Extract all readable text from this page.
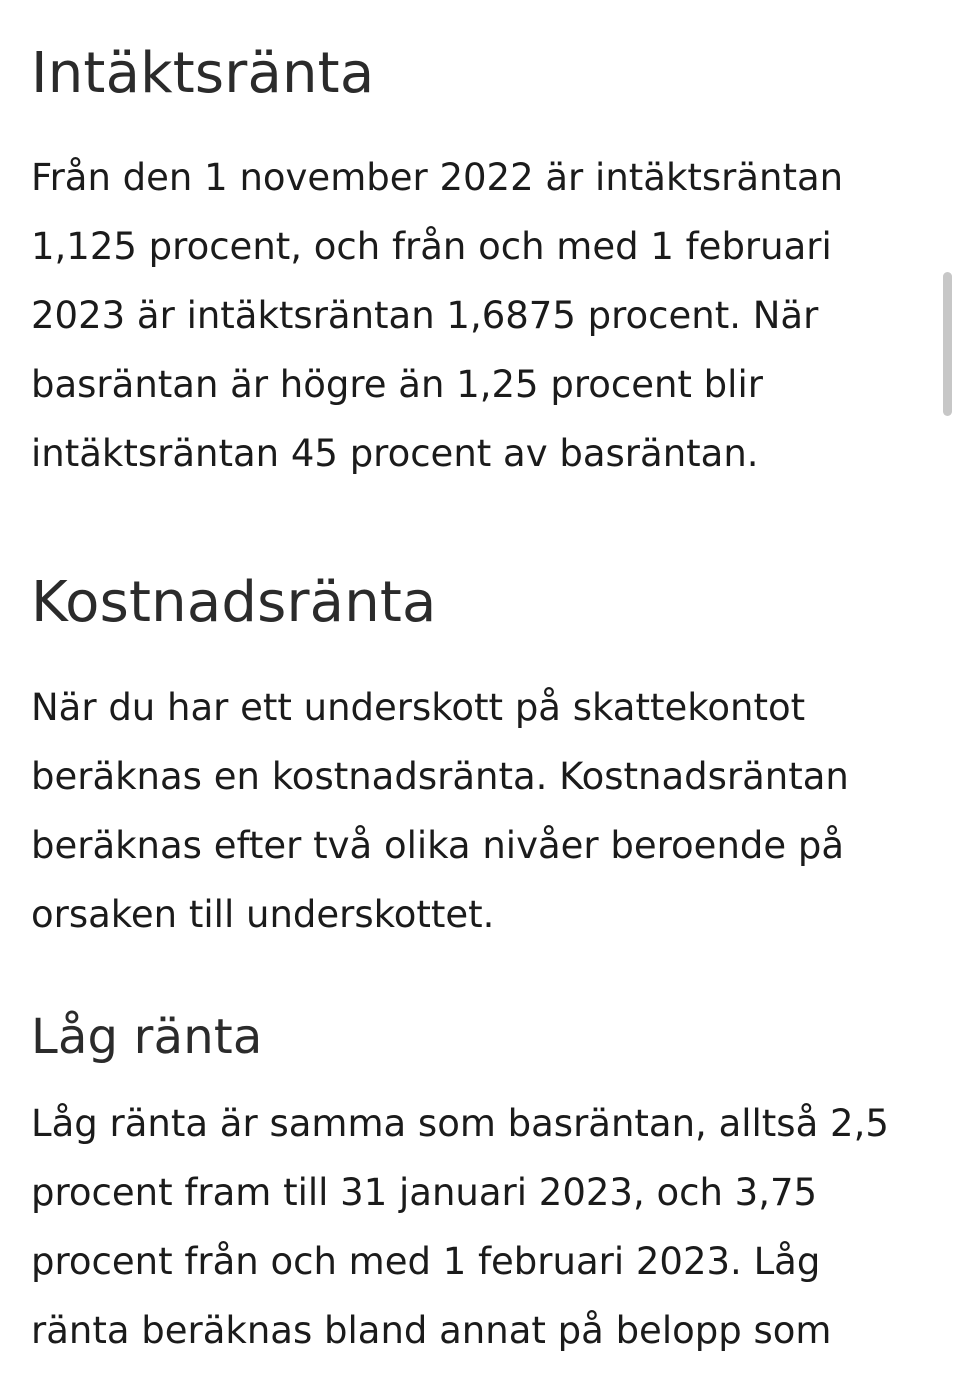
Intäktsränta

Från den 1 november 2022 är intäktsräntan 1,125 procent, och från och med 1 februari 2023 är intäktsräntan 1,6875 procent. När basräntan är högre än 1,25 procent blir intäktsräntan 45 procent av basräntan.

Kostnadsränta

När du har ett underskott på skattekontot beräknas en kostnadsränta. Kostnadsräntan beräknas efter två olika nivåer beroende på orsaken till underskottet.

Låg ränta

Låg ränta är samma som basräntan, alltså 2,5 procent fram till 31 januari 2023, och 3,75 procent från och med 1 februari 2023. Låg ränta beräknas bland annat på belopp som
